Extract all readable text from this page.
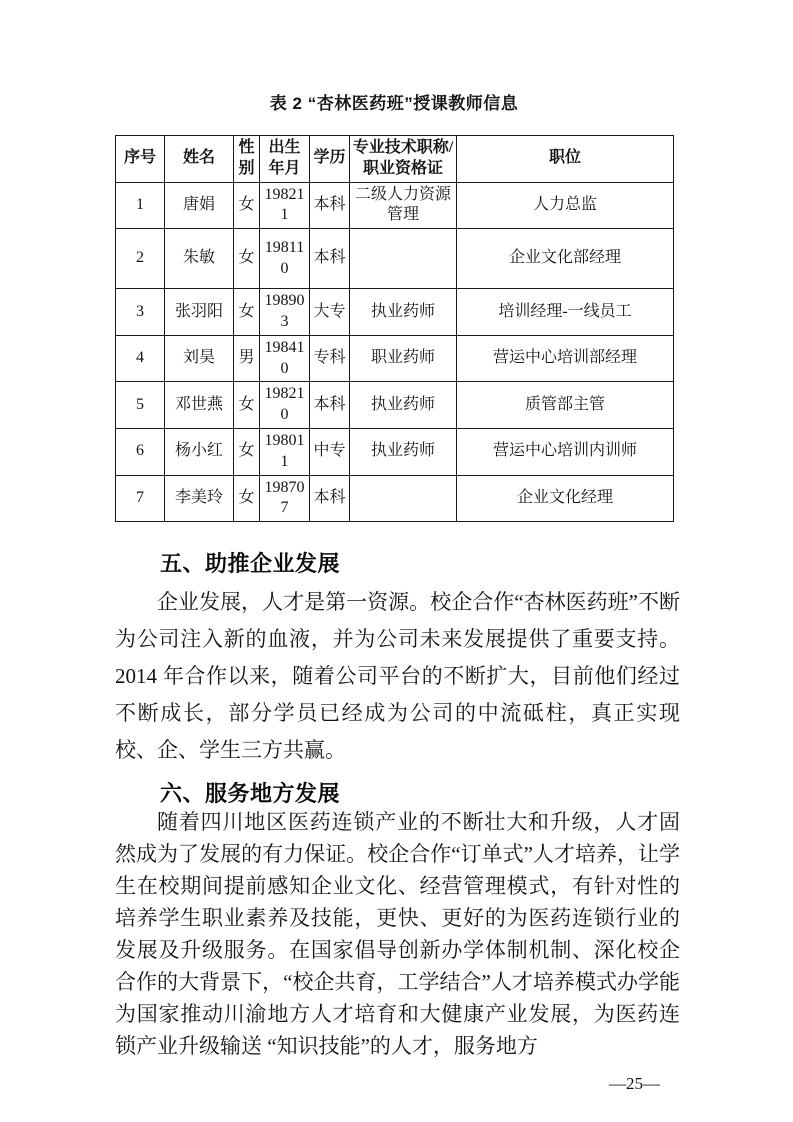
表 2 “杏林医药班”授课教师信息
序号	姓名	性别	出生年月	学历	专业技术职称/职业资格证	职位
1	唐娟	女	198211	本科	二级人力资源管理	人力总监
2	朱敏	女	198110	本科		企业文化部经理
3	张羽阳	女	198903	大专	执业药师	培训经理-一线员工
4	刘昊	男	198410	专科	职业药师	营运中心培训部经理
5	邓世燕	女	198210	本科	执业药师	质管部主管
6	杨小红	女	198011	中专	执业药师	营运中心培训内训师
7	李美玲	女	198707	本科		企业文化经理
五、助推企业发展

企业发展，人才是第一资源。校企合作“杏林医药班”不断为公司注入新的血液，并为公司未来发展提供了重要支持。2014 年合作以来，随着公司平台的不断扩大，目前他们经过不断成长，部分学员已经成为公司的中流砥柱，真正实现校、企、学生三方共赢。

六、服务地方发展

随着四川地区医药连锁产业的不断壮大和升级，人才固然成为了发展的有力保证。校企合作“订单式”人才培养，让学生在校期间提前感知企业文化、经营管理模式，有针对性的培养学生职业素养及技能，更快、更好的为医药连锁行业的发展及升级服务。在国家倡导创新办学体制机制、深化校企合作的大背景下，“校企共育，工学结合”人才培养模式办学能为国家推动川渝地方人才培育和大健康产业发展，为医药连锁产业升级输送 “知识技能”的人才，服务地方

—25—
